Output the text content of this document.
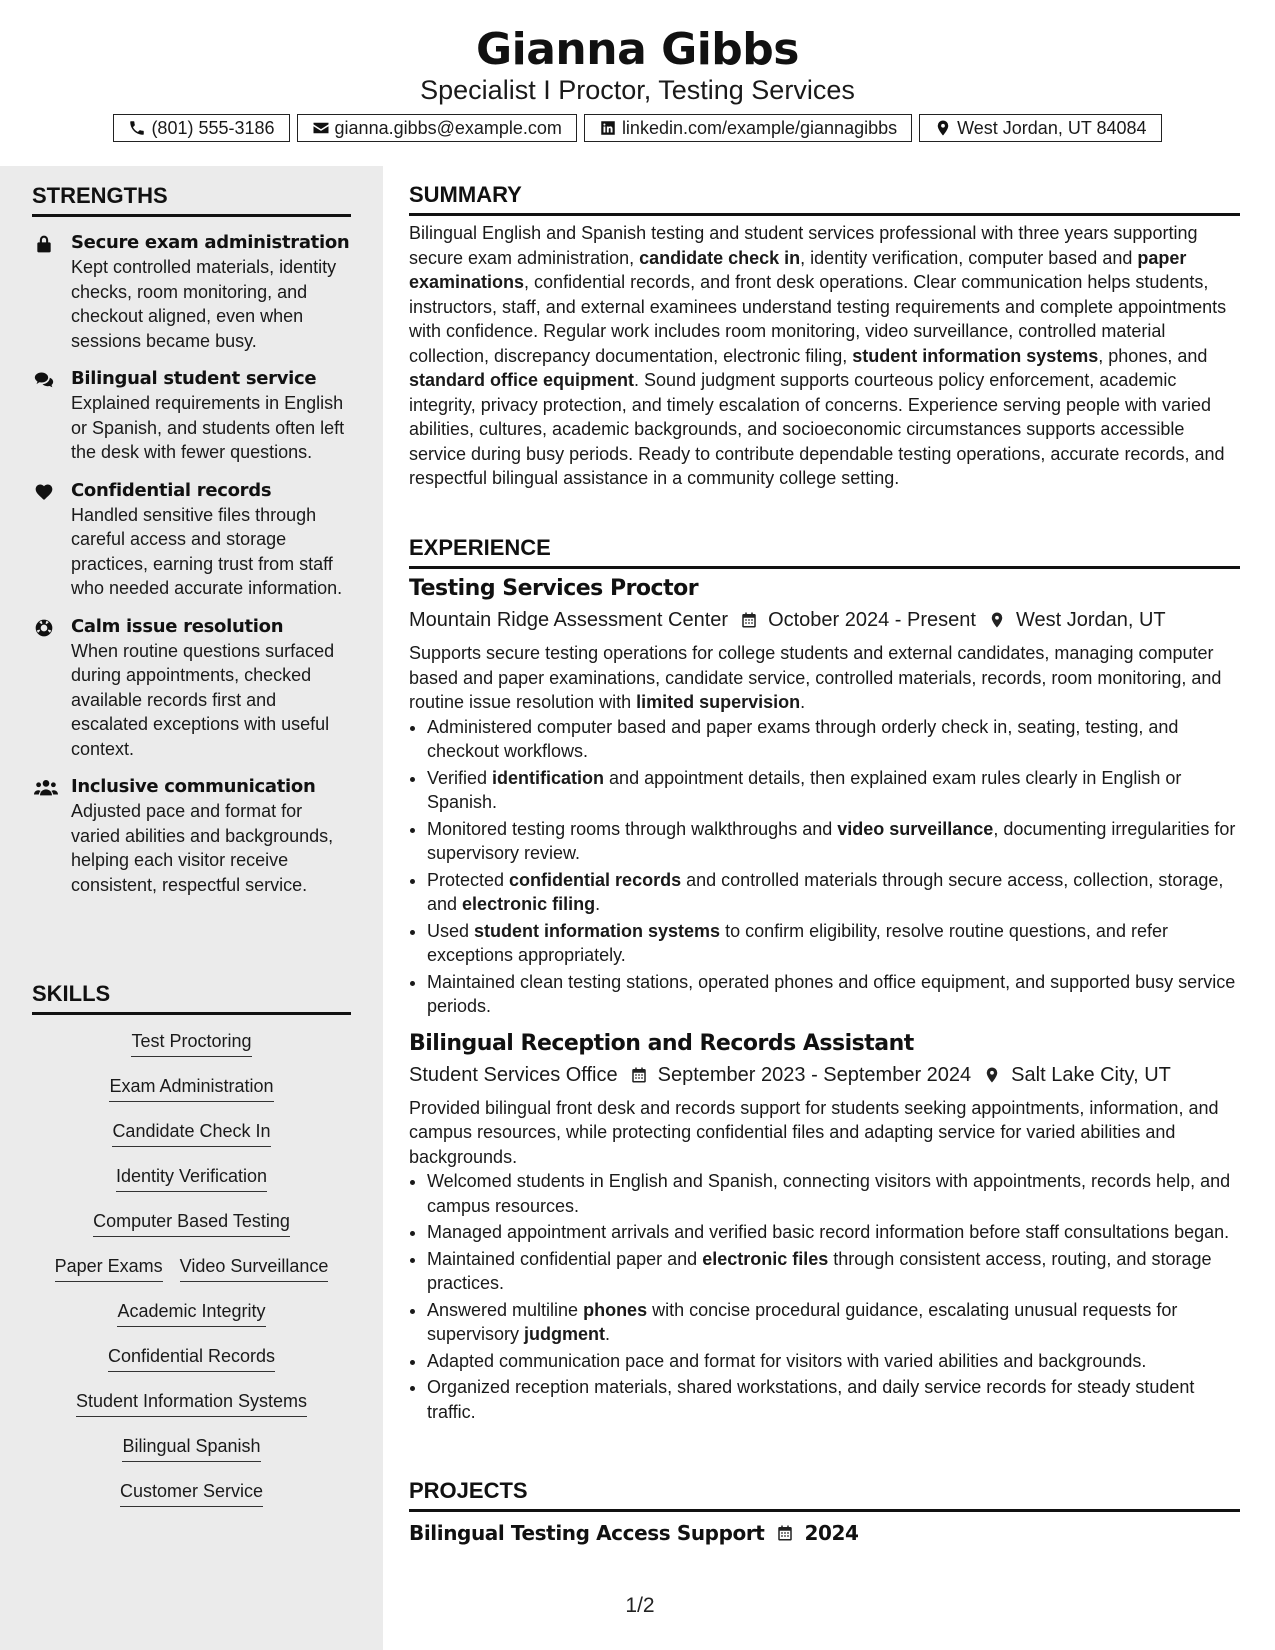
Gianna Gibbs
Specialist I Proctor, Testing Services
(801) 555-3186	gianna.gibbs@example.com	linkedin.com/example/giannagibbs	West Jordan, UT 84084
STRENGTHS
Secure exam administration
Kept controlled materials, identity checks, room monitoring, and checkout aligned, even when sessions became busy.
Bilingual student service
Explained requirements in English or Spanish, and students often left the desk with fewer questions.
Confidential records
Handled sensitive files through careful access and storage practices, earning trust from staff who needed accurate information.
Calm issue resolution
When routine questions surfaced during appointments, checked available records first and escalated exceptions with useful context.
Inclusive communication
Adjusted pace and format for varied abilities and backgrounds, helping each visitor receive consistent, respectful service.
SKILLS
Test Proctoring
Exam Administration
Candidate Check In
Identity Verification
Computer Based Testing
Paper Exams Video Surveillance
Academic Integrity
Confidential Records
Student Information Systems
Bilingual Spanish
Customer Service
SUMMARY

Bilingual English and Spanish testing and student services professional with three years supporting secure exam administration, candidate check in, identity verification, computer based and paper examinations, confidential records, and front desk operations. Clear communication helps students, instructors, staff, and external examinees understand testing requirements and complete appointments with confidence. Regular work includes room monitoring, video surveillance, controlled material collection, discrepancy documentation, electronic filing, student information systems, phones, and standard office equipment. Sound judgment supports courteous policy enforcement, academic integrity, privacy protection, and timely escalation of concerns. Experience serving people with varied abilities, cultures, academic backgrounds, and socioeconomic circumstances supports accessible service during busy periods. Ready to contribute dependable testing operations, accurate records, and respectful bilingual assistance in a community college setting.

EXPERIENCE
Testing Services Proctor
Mountain Ridge Assessment Center October 2024 - Present West Jordan, UT

Supports secure testing operations for college students and external candidates, managing computer based and paper examinations, candidate service, controlled materials, records, room monitoring, and routine issue resolution with limited supervision.

• Administered computer based and paper exams through orderly check in, seating, testing, and checkout workflows.
• Verified identification and appointment details, then explained exam rules clearly in English or Spanish.
• Monitored testing rooms through walkthroughs and video surveillance, documenting irregularities for supervisory review.
• Protected confidential records and controlled materials through secure access, collection, storage, and electronic filing.
• Used student information systems to confirm eligibility, resolve routine questions, and refer exceptions appropriately.
• Maintained clean testing stations, operated phones and office equipment, and supported busy service periods.
Bilingual Reception and Records Assistant
Student Services Office September 2023 - September 2024 Salt Lake City, UT

Provided bilingual front desk and records support for students seeking appointments, information, and campus resources, while protecting confidential files and adapting service for varied abilities and backgrounds.

• Welcomed students in English and Spanish, connecting visitors with appointments, records help, and campus resources.
• Managed appointment arrivals and verified basic record information before staff consultations began.
• Maintained confidential paper and electronic files through consistent access, routing, and storage practices.
• Answered multiline phones with concise procedural guidance, escalating unusual requests for supervisory judgment.
• Adapted communication pace and format for visitors with varied abilities and backgrounds.
• Organized reception materials, shared workstations, and daily service records for steady student traffic.
PROJECTS
Bilingual Testing Access Support 2024
1/2
